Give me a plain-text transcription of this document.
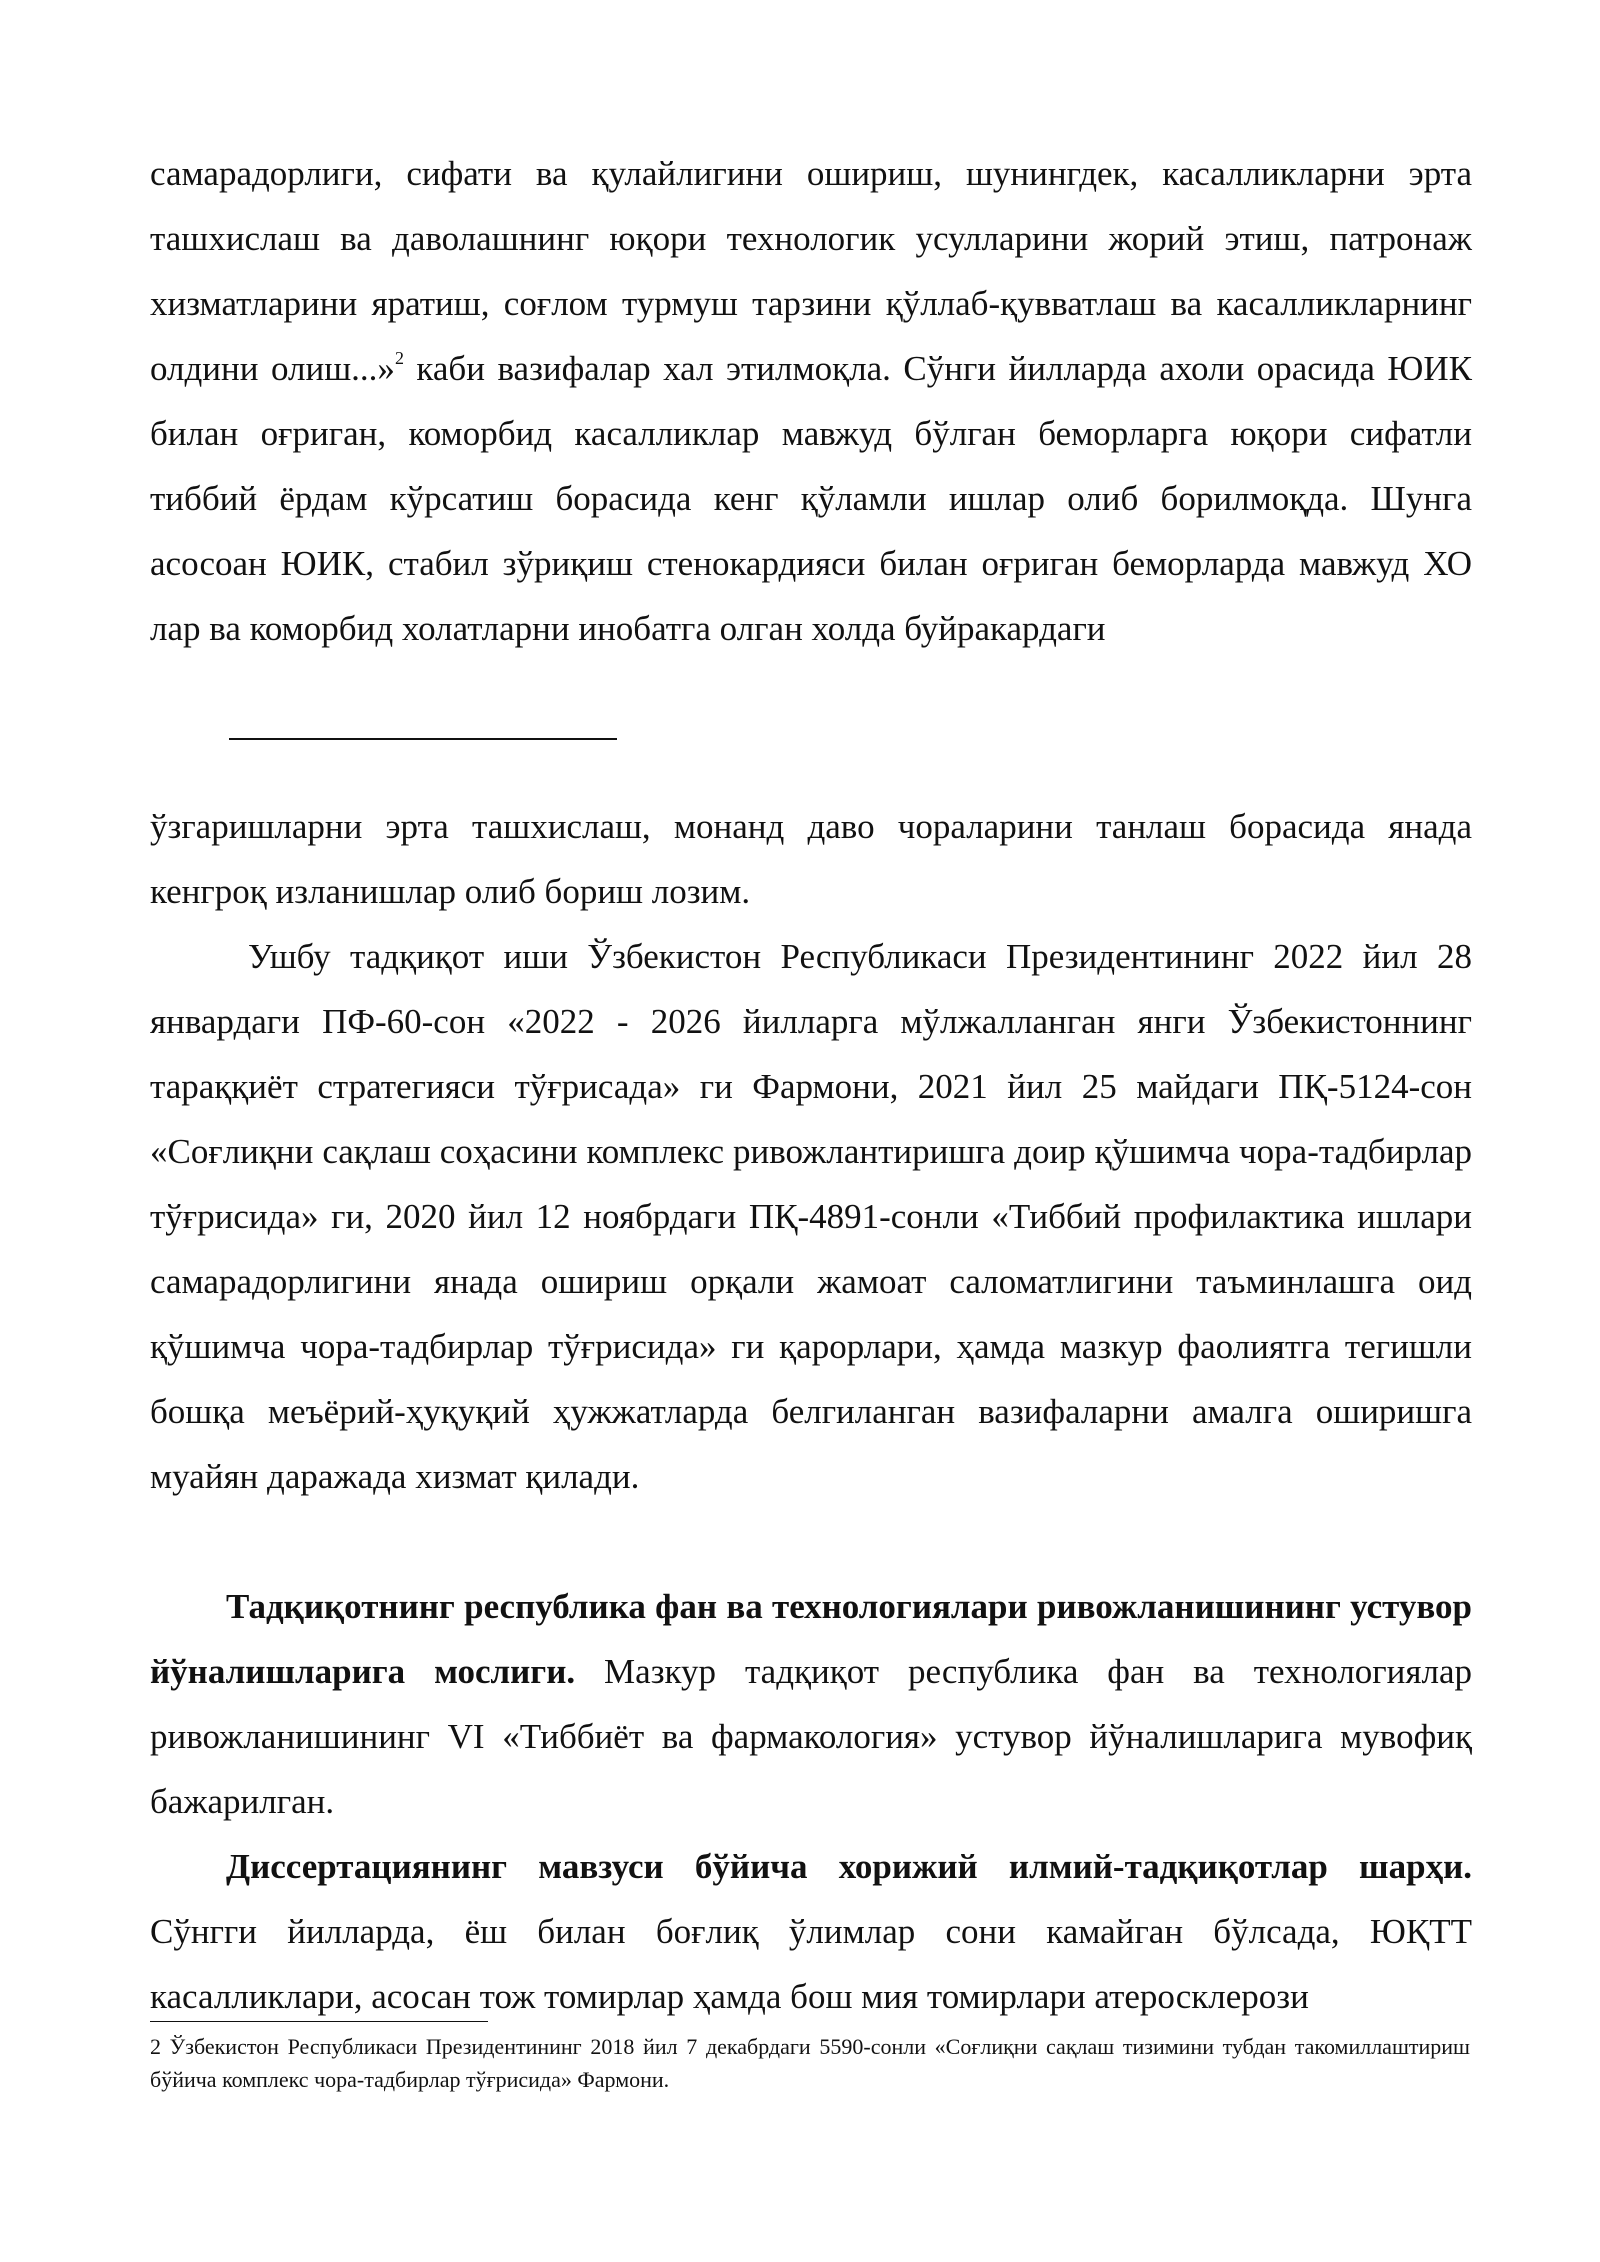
самарадорлиги, сифати ва қулайлигини ошириш, шунингдек, касалликларни эрта ташхислаш ва даволашнинг юқори технологик усулларини жорий этиш, патронаж хизматларини яратиш, соғлом турмуш тарзини қўллаб-қувватлаш ва касалликларнинг олдини олиш...»$^2$ каби вазифалар хал этилмоқла. Сўнги йилларда ахоли орасида ЮИК билан оғриган, коморбид касалликлар мавжуд бўлган беморларга юқори сифатли тиббий ёрдам кўрсатиш борасида кенг қўламли ишлар олиб борилмоқда. Шунга асосоан ЮИК, стабил зўриқиш стенокардияси билан оғриган беморларда мавжуд ХО лар ва коморбид холатларни инобатга олган холда буйракардаги

ўзгаришларни эрта ташхислаш, монанд даво чораларини танлаш борасида янада кенгроқ изланишлар олиб бориш лозим.

Ушбу тадқиқот иши Ўзбекистон Республикаси Президентининг 2022 йил 28 январдаги ПФ-60-сон «2022 - 2026 йилларга мўлжалланган янги Ўзбекистоннинг тараққиёт стратегияси тўғрисада» ги Фармони, 2021 йил 25 майдаги ПҚ-5124-сон «Соғлиқни сақлаш соҳасини комплекс ривожлантиришга доир қўшимча чора-тадбирлар тўғрисида» ги, 2020 йил 12 ноябрдаги ПҚ-4891-сонли «Тиббий профилактика ишлари самарадорлигини янада ошириш орқали жамоат саломатлигини таъминлашга оид қўшимча чора-тадбирлар тўғрисида» ги қарорлари, ҳамда мазкур фаолиятга тегишли бошқа меъёрий-ҳуқуқий ҳужжатларда белгиланган вазифаларни амалга оширишга муайян даражада хизмат қилади.

Тадқиқотнинг республика фан ва технологиялари ривожланишининг устувор йўналишларига мослиги. Мазкур тадқиқот республика фан ва технологиялар ривожланишининг VI «Тиббиёт ва фармакология» устувор йўналишларига мувофиқ бажарилган.

Диссертациянинг мавзуси бўйича хорижий илмий-тадқиқотлар шарҳи. Сўнгги йилларда, ёш билан боғлиқ ўлимлар сони камайган бўлсада, ЮҚТТ касалликлари, асосан тож томирлар ҳамда бош мия томирлари атеросклерози

2 Ўзбекистон Республикаси Президентининг 2018 йил 7 декабрдаги 5590-сонли «Соғлиқни сақлаш тизимини тубдан такомиллаштириш бўйича комплекс чора-тадбирлар тўғрисида» Фармони.
